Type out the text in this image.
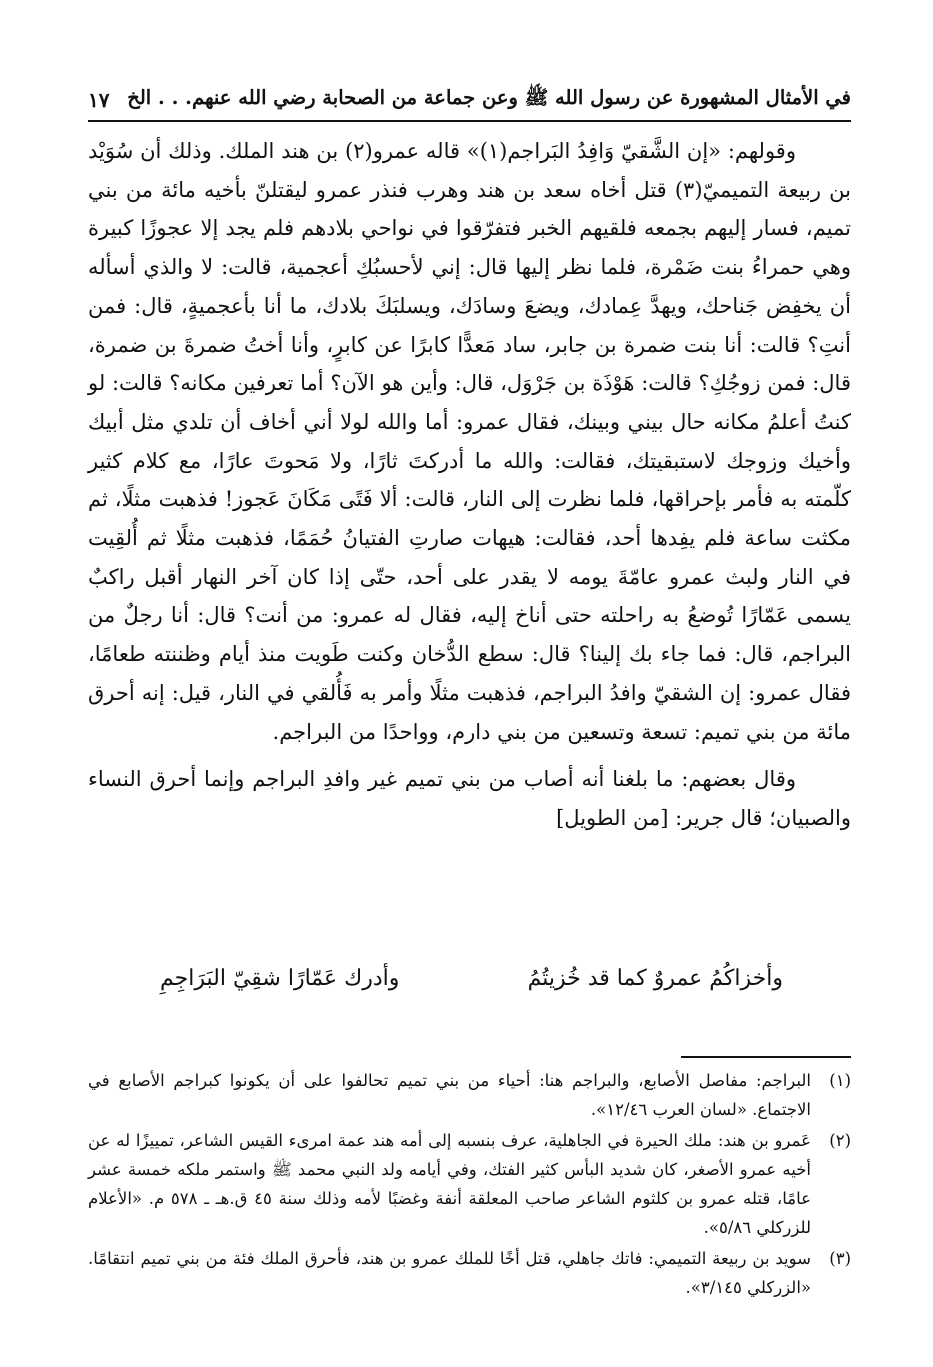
في الأمثال المشهورة عن رسول الله ﷺ وعن جماعة من الصحابة رضي الله عنهم. . . الخ
١٧

وقولهم: «إن الشَّقيّ وَافِدُ البَراجم(١)» قاله عمرو(٢) بن هند الملك. وذلك أن سُوَيْد بن ربيعة التميميّ(٣) قتل أخاه سعد بن هند وهرب فنذر عمرو ليقتلنّ بأخيه مائة من بني تميم، فسار إليهم بجمعه فلقيهم الخبر فتفرّقوا في نواحي بلادهم فلم يجد إلا عجوزًا كبيرة وهي حمراءُ بنت ضَمْرة، فلما نظر إليها قال: إني لأحسبُكِ أعجمية، قالت: لا والذي أسأله أن يخفِض جَناحك، ويهدَّ عِمادك، ويضعَ وسادَك، ويسلبَكَ بلادك، ما أنا بأعجميةٍ، قال: فمن أنتِ؟ قالت: أنا بنت ضمرة بن جابر، ساد مَعدًّا كابرًا عن كابرٍ، وأنا أختُ ضمرةَ بن ضمرة، قال: فمن زوجُكِ؟ قالت: هَوْذَة بن جَرْوَل، قال: وأين هو الآن؟ أما تعرفين مكانه؟ قالت: لو كنتُ أعلمُ مكانه حال بيني وبينك، فقال عمرو: أما والله لولا أني أخاف أن تلدي مثل أبيك وأخيك وزوجك لاستبقيتك، فقالت: والله ما أدركتَ ثارًا، ولا مَحوتَ عارًا، مع كلام كثير كلّمته به فأمر بإحراقها، فلما نظرت إلى النار، قالت: ألا فَتًى مَكَانَ عَجوز! فذهبت مثلًا، ثم مكثت ساعة فلم يفِدها أحد، فقالت: هيهات صارتِ الفتيانُ حُمَمًا، فذهبت مثلًا ثم أُلقِيت في النار ولبث عمرو عامّةَ يومه لا يقدر على أحد، حتّى إذا كان آخر النهار أقبل راكبٌ يسمى عَمّارًا تُوضعُ به راحلته حتى أناخ إليه، فقال له عمرو: من أنت؟ قال: أنا رجلٌ من البراجم، قال: فما جاء بك إلينا؟ قال: سطع الدُّخان وكنت طَويت منذ أيام وظننته طعامًا، فقال عمرو: إن الشقيّ وافدُ البراجم، فذهبت مثلًا وأمر به فَأُلقي في النار، قيل: إنه أحرق مائة من بني تميم: تسعة وتسعين من بني دارم، وواحدًا من البراجم.

وقال بعضهم: ما بلغنا أنه أصاب من بني تميم غير وافدِ البراجم وإنما أحرق النساء والصبيان؛ قال جرير: [من الطويل]

وأخزاكُمُ عمروٌ كما قد خُزيتُمُ
وأدرك عَمّارًا شقِيّ البَرَاجِمِ
(١)
البراجم: مفاصل الأصابع، والبراجم هنا: أحياء من بني تميم تحالفوا على أن يكونوا كبراجم الأصابع في الاجتماع. «لسان العرب ١٢/٤٦».
(٢)
عَمرو بن هند: ملك الحيرة في الجاهلية، عرف بنسبه إلى أمه هند عمة امرىء القيس الشاعر، تمييزًا له عن أخيه عمرو الأصغر، كان شديد البأس كثير الفتك، وفي أيامه ولد النبي محمد ﷺ واستمر ملكه خمسة عشر عامًا، قتله عمرو بن كلثوم الشاعر صاحب المعلقة أنفة وغضبًا لأمه وذلك سنة ٤٥ ق.هـ ـ ٥٧٨ م. «الأعلام للزركلي ٥/٨٦».
(٣)
سويد بن ربيعة التميمي: فاتك جاهلي، قتل أخًا للملك عمرو بن هند، فأحرق الملك فئة من بني تميم انتقامًا. «الزركلي ٣/١٤٥».
